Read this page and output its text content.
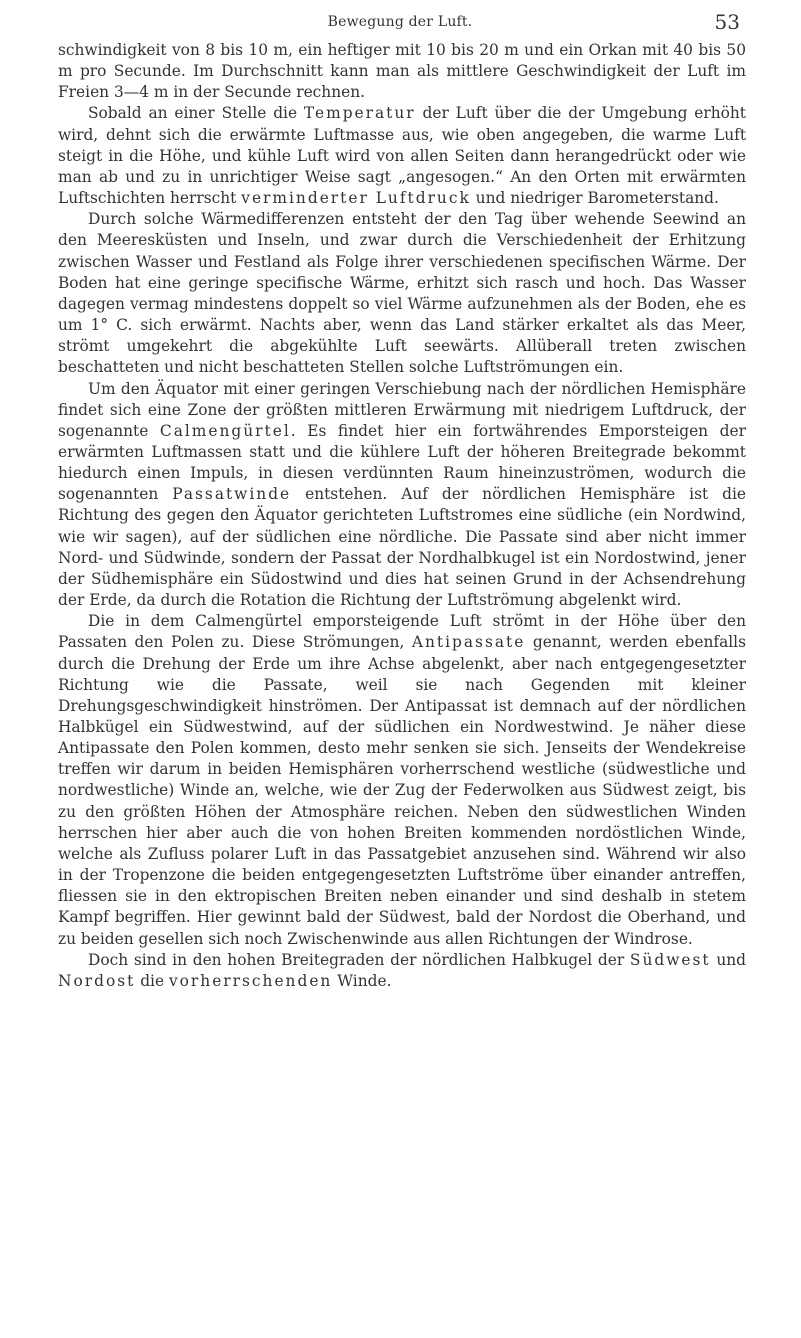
Bewegung der Luft.	53

schwindigkeit von 8 bis 10 m, ein heftiger mit 10 bis 20 m und ein Orkan mit 40 bis 50 m pro Secunde. Im Durchschnitt kann man als mittlere Geschwindigkeit der Luft im Freien 3—4 m in der Secunde rechnen.

Sobald an einer Stelle die Temperatur der Luft über die der Umgebung erhöht wird, dehnt sich die erwärmte Luftmasse aus, wie oben angegeben, die warme Luft steigt in die Höhe, und kühle Luft wird von allen Seiten dann herangedrückt oder wie man ab und zu in unrichtiger Weise sagt „angesogen.“ An den Orten mit erwärmten Luftschichten herrscht verminderter Luftdruck und niedriger Barometerstand.

Durch solche Wärmedifferenzen entsteht der den Tag über wehende Seewind an den Meeresküsten und Inseln, und zwar durch die Verschiedenheit der Erhitzung zwischen Wasser und Festland als Folge ihrer verschiedenen specifischen Wärme. Der Boden hat eine geringe specifische Wärme, erhitzt sich rasch und hoch. Das Wasser dagegen vermag mindestens doppelt so viel Wärme aufzunehmen als der Boden, ehe es um 1° C. sich erwärmt. Nachts aber, wenn das Land stärker erkaltet als das Meer, strömt umgekehrt die abgekühlte Luft seewärts. Allüberall treten zwischen beschatteten und nicht beschatteten Stellen solche Luftströmungen ein.

Um den Äquator mit einer geringen Verschiebung nach der nördlichen Hemisphäre findet sich eine Zone der größten mittleren Erwärmung mit niedrigem Luftdruck, der sogenannte Calmengürtel. Es findet hier ein fortwährendes Emporsteigen der erwärmten Luftmassen statt und die kühlere Luft der höheren Breitegrade bekommt hiedurch einen Impuls, in diesen verdünnten Raum hineinzuströmen, wodurch die sogenannten Passatwinde entstehen. Auf der nördlichen Hemisphäre ist die Richtung des gegen den Äquator gerichteten Luftstromes eine südliche (ein Nordwind, wie wir sagen), auf der südlichen eine nördliche. Die Passate sind aber nicht immer Nord- und Südwinde, sondern der Passat der Nordhalbkugel ist ein Nordostwind, jener der Südhemisphäre ein Südostwind und dies hat seinen Grund in der Achsendrehung der Erde, da durch die Rotation die Richtung der Luftströmung abgelenkt wird.

Die in dem Calmengürtel emporsteigende Luft strömt in der Höhe über den Passaten den Polen zu. Diese Strömungen, Antipassate genannt, werden ebenfalls durch die Drehung der Erde um ihre Achse abgelenkt, aber nach entgegengesetzter Richtung wie die Passate, weil sie nach Gegenden mit kleiner Drehungsgeschwindigkeit hinströmen. Der Antipassat ist demnach auf der nördlichen Halbkügel ein Südwestwind, auf der südlichen ein Nordwestwind. Je näher diese Antipassate den Polen kommen, desto mehr senken sie sich. Jenseits der Wendekreise treffen wir darum in beiden Hemisphären vorherrschend westliche (südwestliche und nordwestliche) Winde an, welche, wie der Zug der Federwolken aus Südwest zeigt, bis zu den größten Höhen der Atmosphäre reichen. Neben den südwestlichen Winden herrschen hier aber auch die von hohen Breiten kommenden nordöstlichen Winde, welche als Zufluss polarer Luft in das Passatgebiet anzusehen sind. Während wir also in der Tropenzone die beiden entgegengesetzten Luftströme über einander antreffen, fliessen sie in den ektropischen Breiten neben einander und sind deshalb in stetem Kampf begriffen. Hier gewinnt bald der Südwest, bald der Nordost die Oberhand, und zu beiden gesellen sich noch Zwischenwinde aus allen Richtungen der Windrose.

Doch sind in den hohen Breitegraden der nördlichen Halbkugel der Südwest und Nordost die vorherrschenden Winde.
